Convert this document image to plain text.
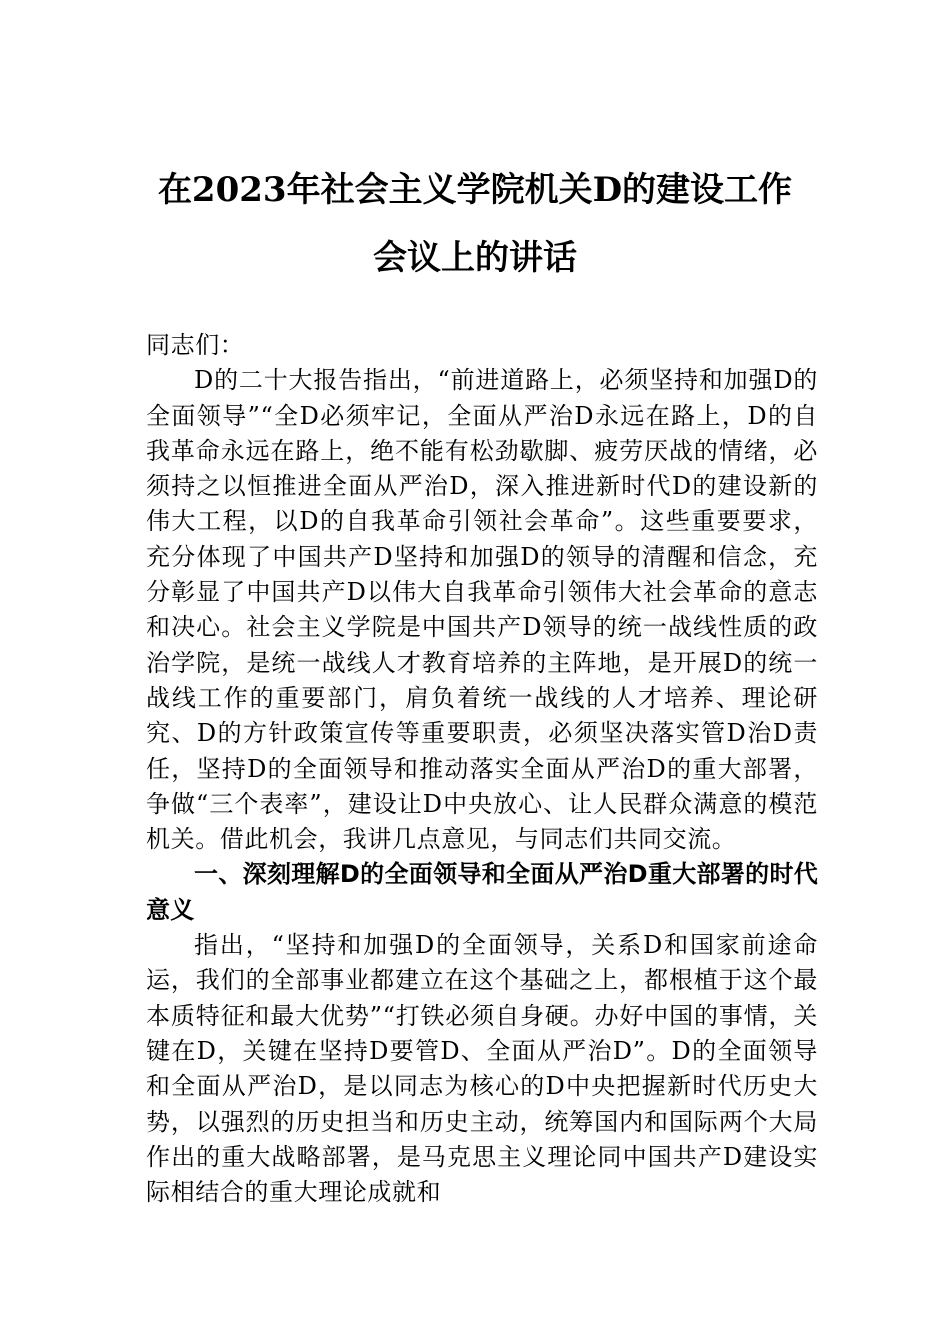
在2023年社会主义学院机关D的建设工作
会议上的讲话

同志们：

D的二十大报告指出，“前进道路上，必须坚持和加强D的全面领导”“全D必须牢记，全面从严治D永远在路上，D的自我革命永远在路上，绝不能有松劲歇脚、疲劳厌战的情绪，必须持之以恒推进全面从严治D，深入推进新时代D的建设新的伟大工程，以D的自我革命引领社会革命”。这些重要要求，充分体现了中国共产D坚持和加强D的领导的清醒和信念，充分彰显了中国共产D以伟大自我革命引领伟大社会革命的意志和决心。社会主义学院是中国共产D领导的统一战线性质的政治学院，是统一战线人才教育培养的主阵地，是开展D的统一战线工作的重要部门，肩负着统一战线的人才培养、理论研究、D的方针政策宣传等重要职责，必须坚决落实管D治D责任，坚持D的全面领导和推动落实全面从严治D的重大部署，争做“三个表率”，建设让D中央放心、让人民群众满意的模范机关。借此机会，我讲几点意见，与同志们共同交流。

一、深刻理解D的全面领导和全面从严治D重大部署的时代意义

指出，“坚持和加强D的全面领导，关系D和国家前途命运，我们的全部事业都建立在这个基础之上，都根植于这个最本质特征和最大优势”“打铁必须自身硬。办好中国的事情，关键在D，关键在坚持D要管D、全面从严治D”。D的全面领导和全面从严治D，是以同志为核心的D中央把握新时代历史大势，以强烈的历史担当和历史主动，统筹国内和国际两个大局作出的重大战略部署，是马克思主义理论同中国共产D建设实际相结合的重大理论成就和
